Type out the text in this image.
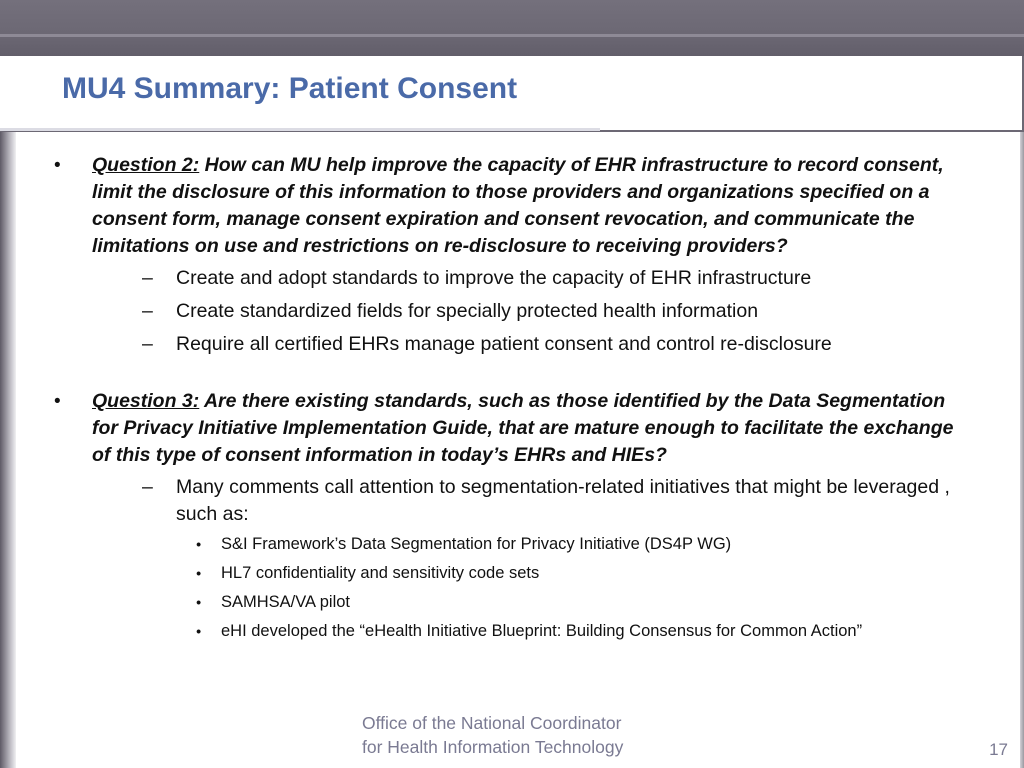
MU4 Summary: Patient Consent
• Question 2: How can MU help improve the capacity of EHR infrastructure to record consent, limit the disclosure of this information to those providers and organizations specified on a consent form, manage consent expiration and consent revocation, and communicate the limitations on use and restrictions on re-disclosure to receiving providers?
– Create and adopt standards to improve the capacity of EHR infrastructure
– Create standardized fields for specially protected health information
– Require all certified EHRs manage patient consent and control re-disclosure
• Question 3: Are there existing standards, such as those identified by the Data Segmentation for Privacy Initiative Implementation Guide, that are mature enough to facilitate the exchange of this type of consent information in today’s EHRs and HIEs?
– Many comments call attention to segmentation-related initiatives that might be leveraged , such as:
• S&I Framework’s Data Segmentation for Privacy Initiative (DS4P WG)
• HL7 confidentiality and sensitivity code sets
• SAMHSA/VA pilot
• eHI developed the “eHealth Initiative Blueprint: Building Consensus for Common Action”
Office of the National Coordinator
for Health Information Technology	17
